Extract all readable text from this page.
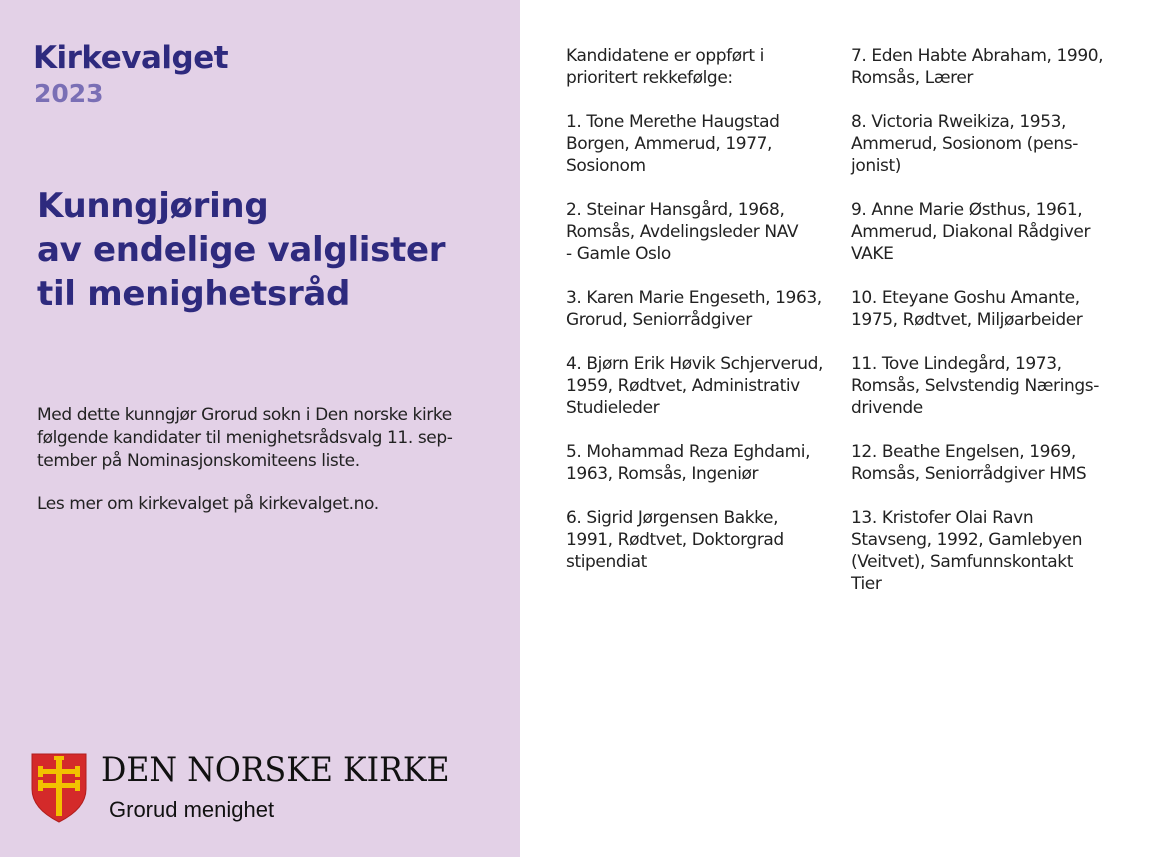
Kirkevalget
2023
Kunngjøring
av endelige valglister
til menighetsråd
Med dette kunngjør Grorud sokn i Den norske kirke
følgende kandidater til menighetsrådsvalg 11. sep-
tember på Nominasjonskomiteens liste.
Les mer om kirkevalget på kirkevalget.no.
DEN NORSKE KIRKE
Grorud menighet
Kandidatene er oppført i
prioritert rekkefølge:
1. Tone Merethe Haugstad
Borgen, Ammerud, 1977,
Sosionom
2. Steinar Hansgård, 1968,
Romsås, Avdelingsleder NAV
- Gamle Oslo
3. Karen Marie Engeseth, 1963,
Grorud, Seniorrådgiver
4. Bjørn Erik Høvik Schjerverud,
1959, Rødtvet, Administrativ
Studieleder
5. Mohammad Reza Eghdami,
1963, Romsås, Ingeniør
6. Sigrid Jørgensen Bakke,
1991, Rødtvet, Doktorgrad
stipendiat
7. Eden Habte Abraham, 1990,
Romsås, Lærer
8. Victoria Rweikiza, 1953,
Ammerud, Sosionom (pens-
jonist)
9. Anne Marie Østhus, 1961,
Ammerud, Diakonal Rådgiver
VAKE
10. Eteyane Goshu Amante,
1975, Rødtvet, Miljøarbeider
11. Tove Lindegård, 1973,
Romsås, Selvstendig Nærings-
drivende
12. Beathe Engelsen, 1969,
Romsås, Seniorrådgiver HMS
13. Kristofer Olai Ravn
Stavseng, 1992, Gamlebyen
(Veitvet), Samfunnskontakt
Tier
